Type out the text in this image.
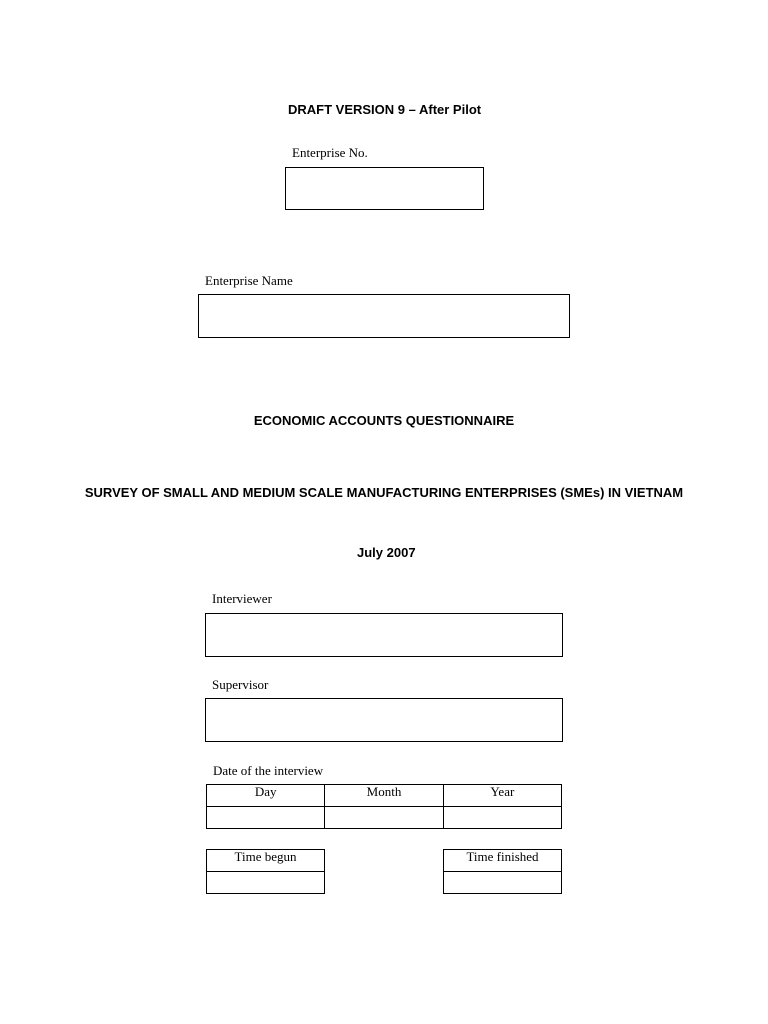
DRAFT VERSION 9 – After Pilot
Enterprise No.
Enterprise Name
ECONOMIC ACCOUNTS QUESTIONNAIRE
SURVEY OF SMALL AND MEDIUM SCALE MANUFACTURING ENTERPRISES (SMEs) IN VIETNAM
July 2007
Interviewer
Supervisor
Date of the interview
Day	Month	Year

Time begun	Time finished
